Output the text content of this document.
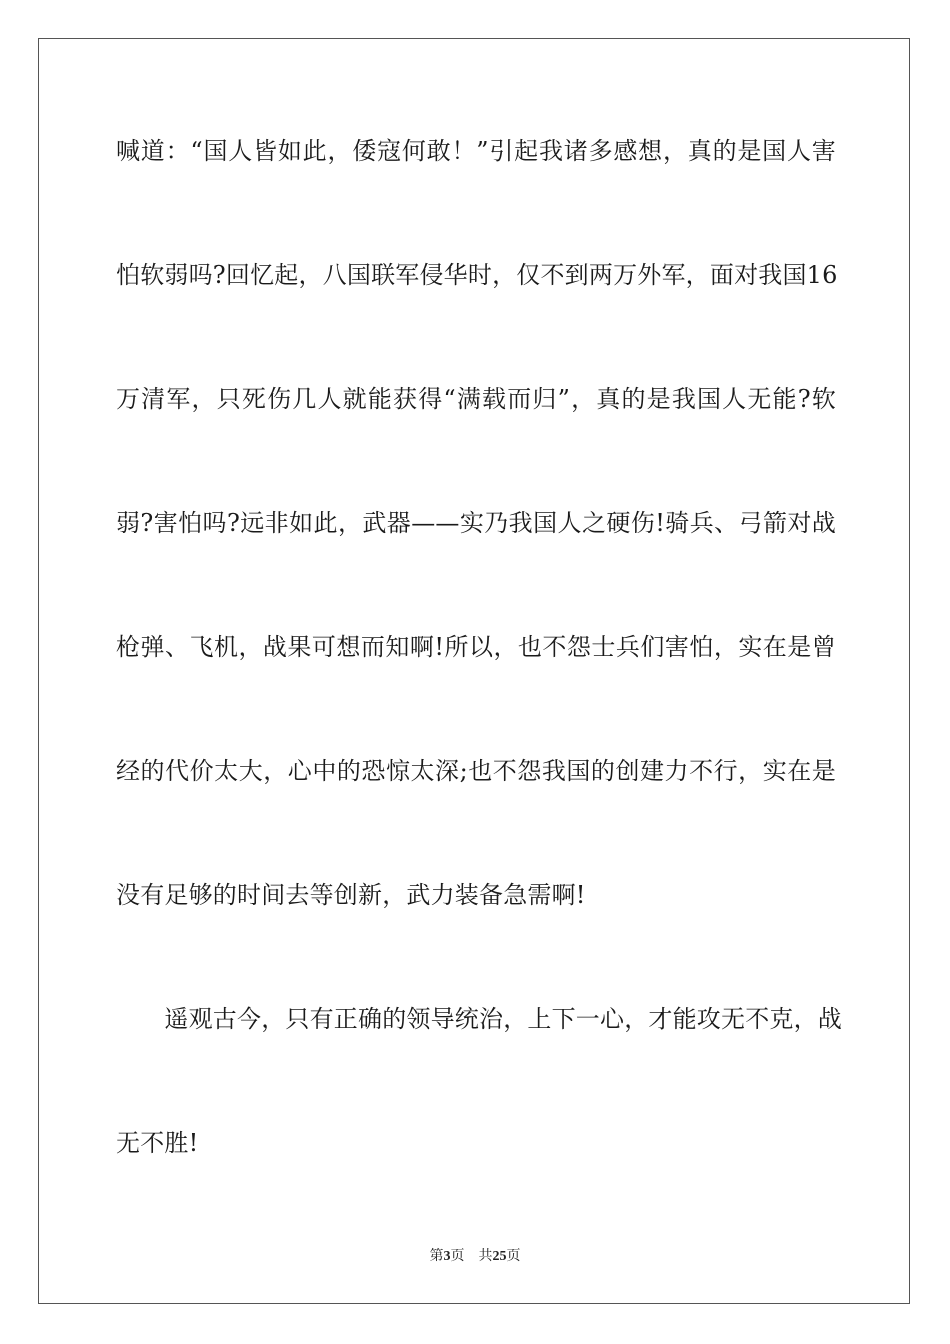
喊道：“国人皆如此，倭寇何敢！”引起我诸多感想，真的是国人害
怕软弱吗?回忆起，八国联军侵华时，仅不到两万外军，面对我国16
万清军，只死伤几人就能获得“满载而归”，真的是我国人无能?软
弱?害怕吗?远非如此，武器——实乃我国人之硬伤!骑兵、弓箭对战
枪弹、飞机，战果可想而知啊!所以，也不怨士兵们害怕，实在是曾
经的代价太大，心中的恐惊太深;也不怨我国的创建力不行，实在是
没有足够的时间去等创新，武力装备急需啊!
　　遥观古今，只有正确的领导统治，上下一心，才能攻无不克，战
无不胜!
第3页 共25页
